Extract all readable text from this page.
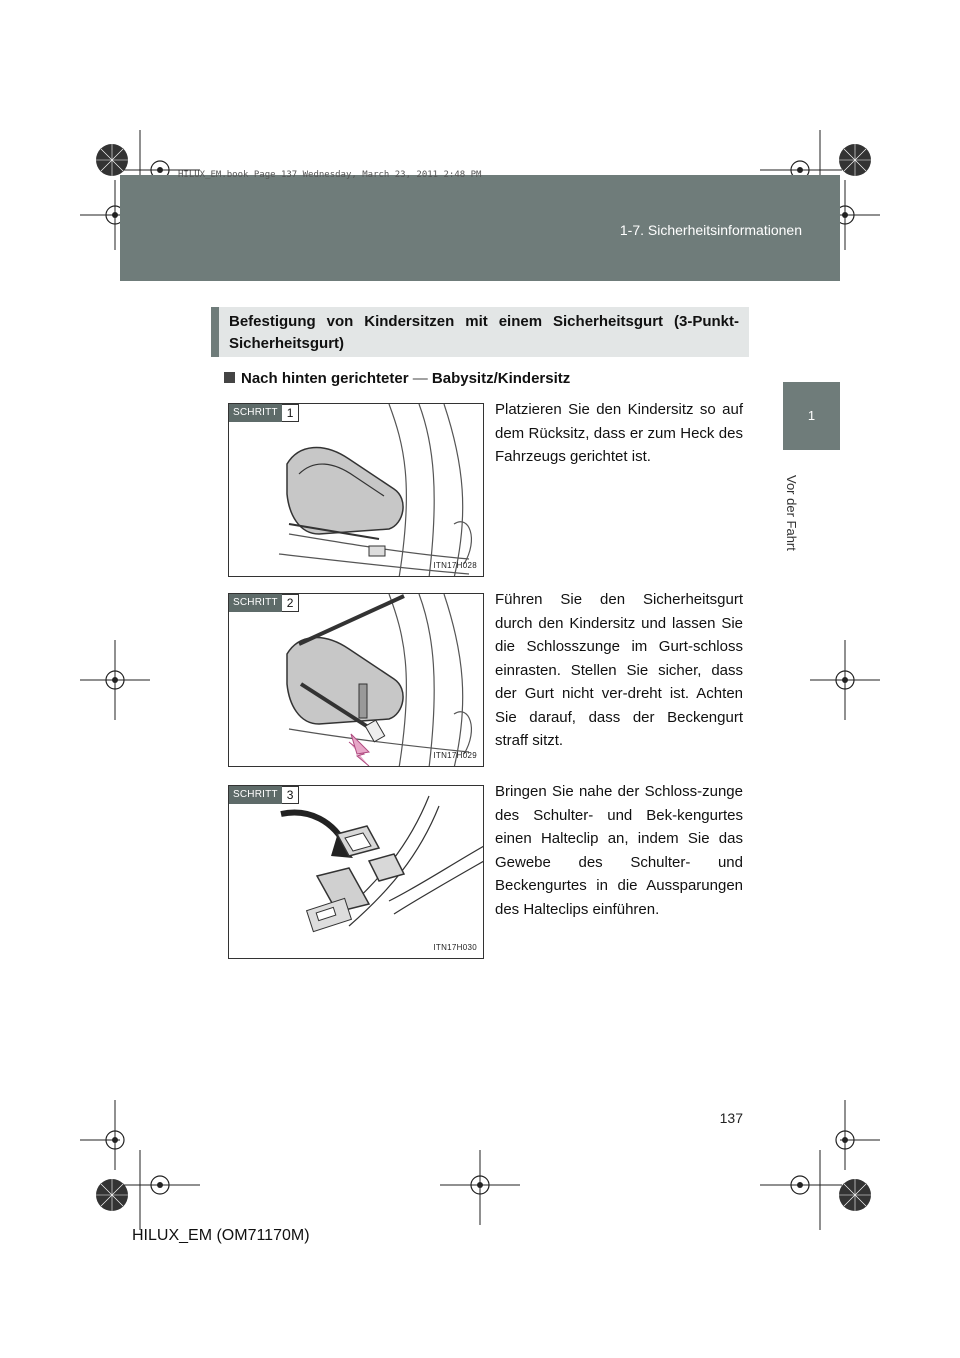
HILUX_EM.book Page 137 Wednesday, March 23, 2011 2:48 PM
1-7. Sicherheitsinformationen
1
Vor der Fahrt
Befestigung von Kindersitzen mit einem Sicherheitsgurt (3-Punkt-Sicherheitsgurt)
Nach hinten gerichteter — Babysitz/Kindersitz
SCHRITT 1
ITN17H028
Platzieren Sie den Kindersitz so auf dem Rücksitz, dass er zum Heck des Fahrzeugs gerichtet ist.
SCHRITT 2
ITN17H029
Führen Sie den Sicherheitsgurt durch den Kindersitz und lassen Sie die Schlosszunge im Gurt-schloss einrasten. Stellen Sie sicher, dass der Gurt nicht ver-dreht ist. Achten Sie darauf, dass der Beckengurt straff sitzt.
SCHRITT 3
ITN17H030
Bringen Sie nahe der Schloss-zunge des Schulter- und Bek-kengurtes einen Halteclip an, indem Sie das Gewebe des Schulter- und Beckengurtes in die Aussparungen des Halteclips einführen.
137
HILUX_EM (OM71170M)
